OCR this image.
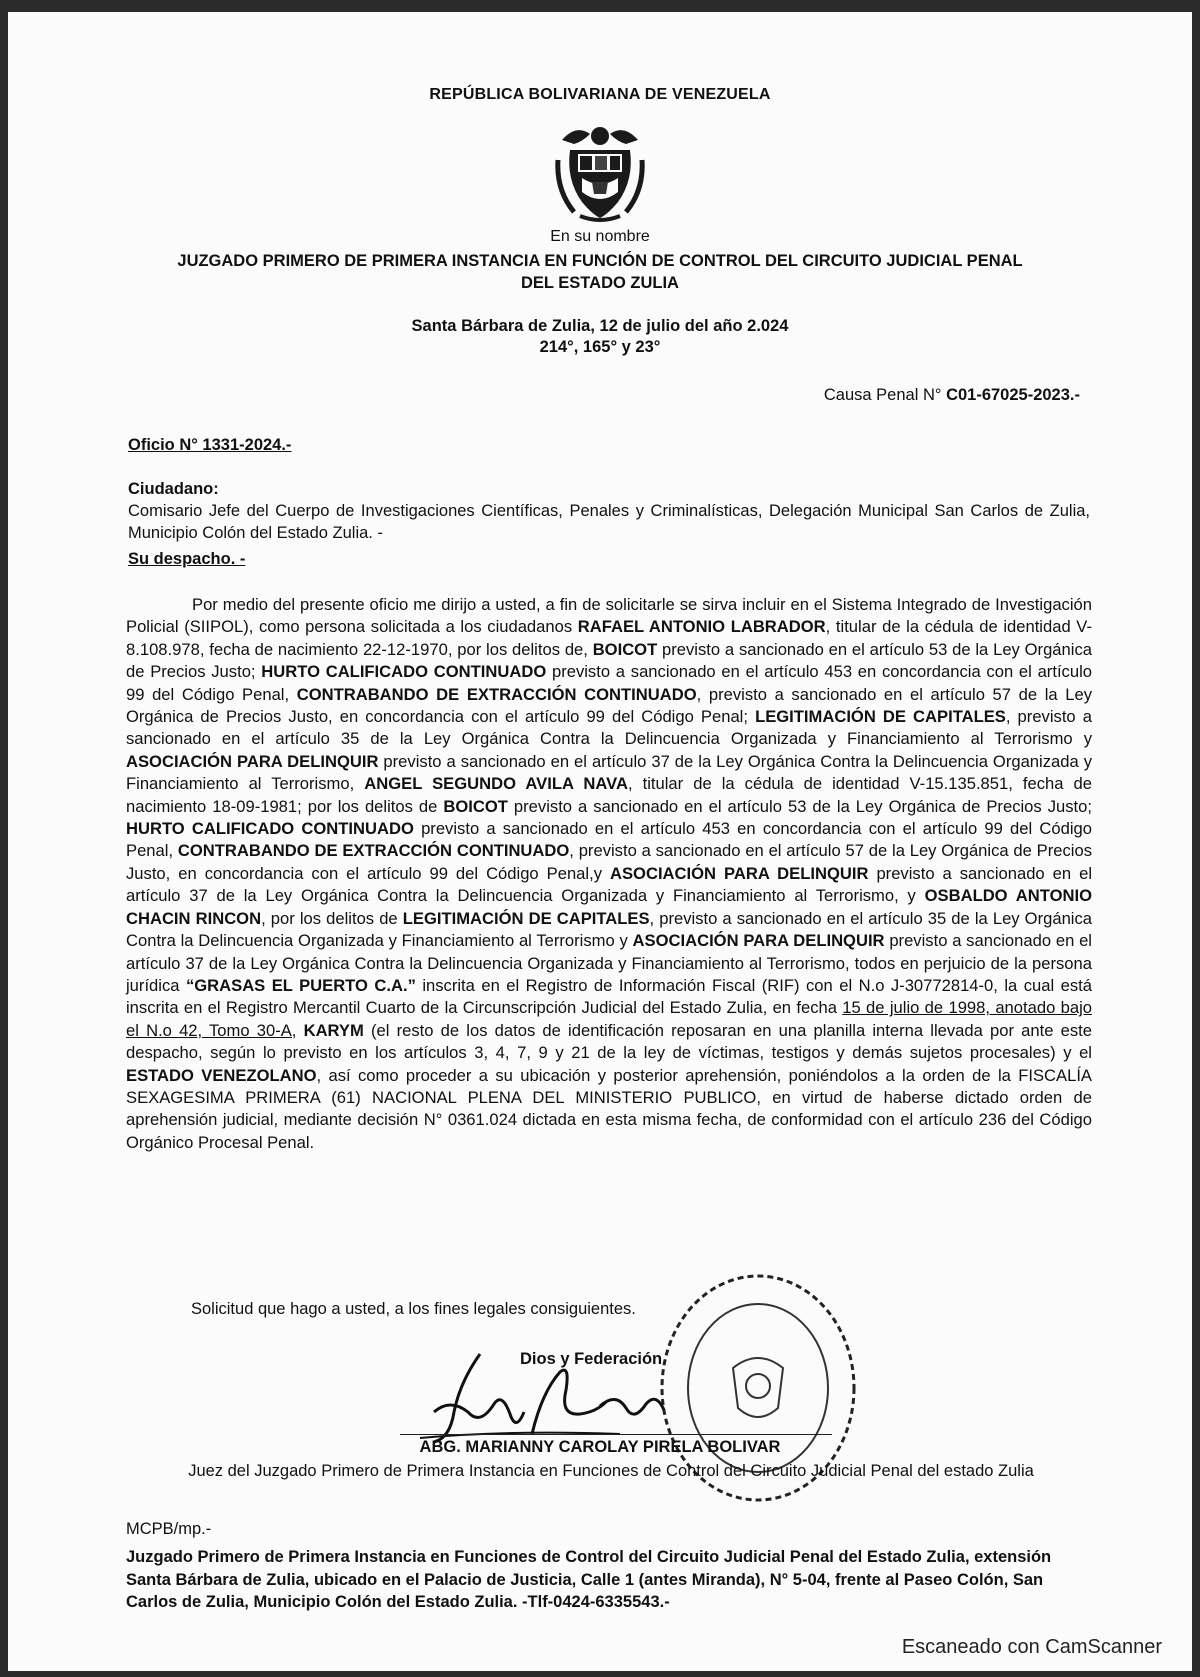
REPÚBLICA BOLIVARIANA DE VENEZUELA
En su nombre
JUZGADO PRIMERO DE PRIMERA INSTANCIA EN FUNCIÓN DE CONTROL DEL CIRCUITO JUDICIAL PENAL
DEL ESTADO ZULIA
Santa Bárbara de Zulia, 12 de julio del año 2.024
214°, 165° y 23°
Causa Penal N° C01-67025-2023.-
Oficio N° 1331-2024.-
Ciudadano:
Comisario Jefe del Cuerpo de Investigaciones Científicas, Penales y Criminalísticas, Delegación Municipal San Carlos de Zulia, Municipio Colón del Estado Zulia. -
Su despacho. -
Por medio del presente oficio me dirijo a usted, a fin de solicitarle se sirva incluir en el Sistema Integrado de Investigación Policial (SIIPOL), como persona solicitada a los ciudadanos RAFAEL ANTONIO LABRADOR, titular de la cédula de identidad V-8.108.978, fecha de nacimiento 22-12-1970, por los delitos de, BOICOT previsto a sancionado en el artículo 53 de la Ley Orgánica de Precios Justo; HURTO CALIFICADO CONTINUADO previsto a sancionado en el artículo 453 en concordancia con el artículo 99 del Código Penal, CONTRABANDO DE EXTRACCIÓN CONTINUADO, previsto a sancionado en el artículo 57 de la Ley Orgánica de Precios Justo, en concordancia con el artículo 99 del Código Penal; LEGITIMACIÓN DE CAPITALES, previsto a sancionado en el artículo 35 de la Ley Orgánica Contra la Delincuencia Organizada y Financiamiento al Terrorismo y ASOCIACIÓN PARA DELINQUIR previsto a sancionado en el artículo 37 de la Ley Orgánica Contra la Delincuencia Organizada y Financiamiento al Terrorismo, ANGEL SEGUNDO AVILA NAVA, titular de la cédula de identidad V-15.135.851, fecha de nacimiento 18-09-1981; por los delitos de BOICOT previsto a sancionado en el artículo 53 de la Ley Orgánica de Precios Justo; HURTO CALIFICADO CONTINUADO previsto a sancionado en el artículo 453 en concordancia con el artículo 99 del Código Penal, CONTRABANDO DE EXTRACCIÓN CONTINUADO, previsto a sancionado en el artículo 57 de la Ley Orgánica de Precios Justo, en concordancia con el artículo 99 del Código Penal,y ASOCIACIÓN PARA DELINQUIR previsto a sancionado en el artículo 37 de la Ley Orgánica Contra la Delincuencia Organizada y Financiamiento al Terrorismo, y OSBALDO ANTONIO CHACIN RINCON, por los delitos de LEGITIMACIÓN DE CAPITALES, previsto a sancionado en el artículo 35 de la Ley Orgánica Contra la Delincuencia Organizada y Financiamiento al Terrorismo y ASOCIACIÓN PARA DELINQUIR previsto a sancionado en el artículo 37 de la Ley Orgánica Contra la Delincuencia Organizada y Financiamiento al Terrorismo, todos en perjuicio de la persona jurídica “GRASAS EL PUERTO C.A.” inscrita en el Registro de Información Fiscal (RIF) con el N.o J-30772814-0, la cual está inscrita en el Registro Mercantil Cuarto de la Circunscripción Judicial del Estado Zulia, en fecha 15 de julio de 1998, anotado bajo el N.o 42, Tomo 30-A, KARYM (el resto de los datos de identificación reposaran en una planilla interna llevada por ante este despacho, según lo previsto en los artículos 3, 4, 7, 9 y 21 de la ley de víctimas, testigos y demás sujetos procesales) y el ESTADO VENEZOLANO, así como proceder a su ubicación y posterior aprehensión, poniéndolos a la orden de la FISCALÍA SEXAGESIMA PRIMERA (61) NACIONAL PLENA DEL MINISTERIO PUBLICO, en virtud de haberse dictado orden de aprehensión judicial, mediante decisión N° 0361.024 dictada en esta misma fecha, de conformidad con el artículo 236 del Código Orgánico Procesal Penal.
Solicitud que hago a usted, a los fines legales consiguientes.
Dios y Federación
ABG. MARIANNY CAROLAY PIRELA BOLIVAR
Juez del Juzgado Primero de Primera Instancia en Funciones de Control del Circuito Judicial Penal del estado Zulia
MCPB/mp.-
Juzgado Primero de Primera Instancia en Funciones de Control del Circuito Judicial Penal del Estado Zulia, extensión Santa Bárbara de Zulia, ubicado en el Palacio de Justicia, Calle 1 (antes Miranda), N° 5-04, frente al Paseo Colón, San Carlos de Zulia, Municipio Colón del Estado Zulia. -Tlf-0424-6335543.-
Escaneado con CamScanner
